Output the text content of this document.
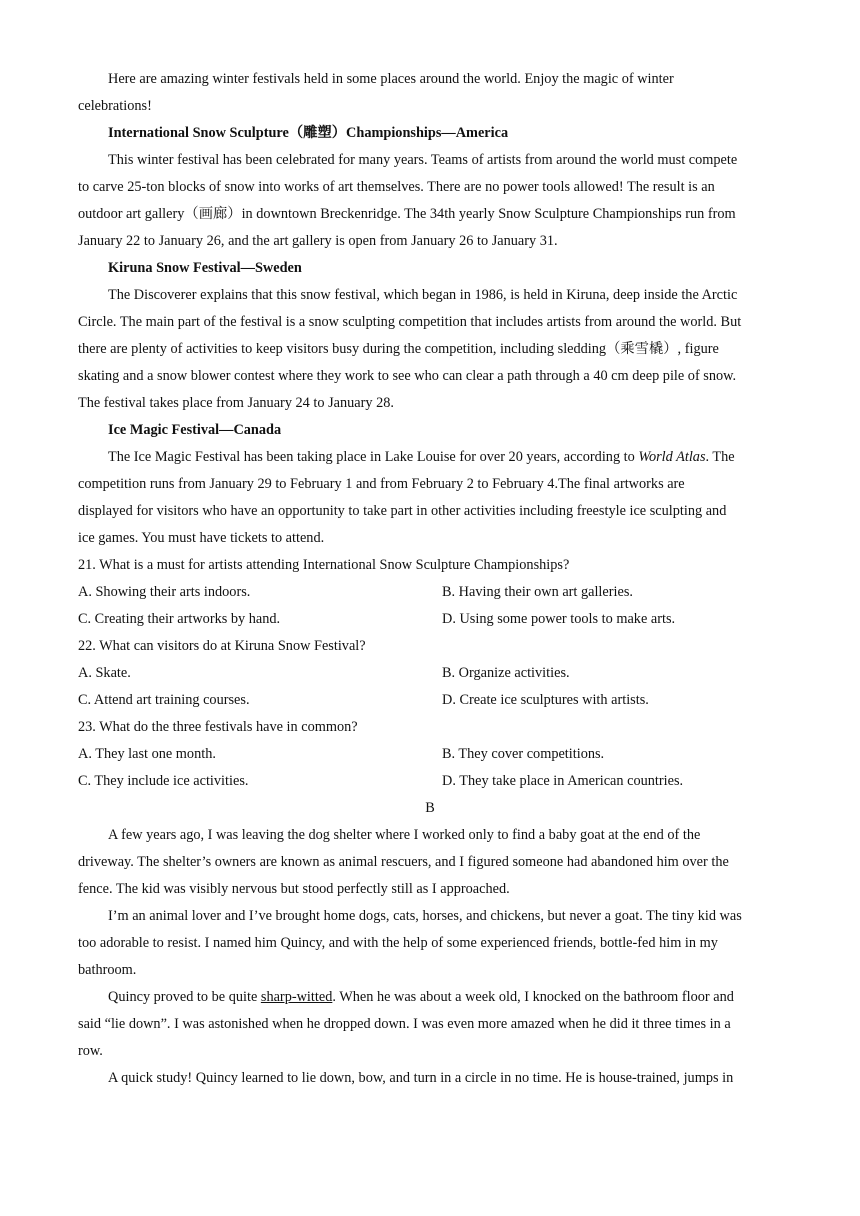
Here are amazing winter festivals held in some places around the world. Enjoy the magic of winter

celebrations!

International Snow Sculpture（雕塑）Championships—America

This winter festival has been celebrated for many years. Teams of artists from around the world must compete

to carve 25-ton blocks of snow into works of art themselves. There are no power tools allowed! The result is an

outdoor art gallery（画廊）in downtown Breckenridge. The 34th yearly Snow Sculpture Championships run from

January 22 to January 26, and the art gallery is open from January 26 to January 31.

Kiruna Snow Festival—Sweden

The Discoverer explains that this snow festival, which began in 1986, is held in Kiruna, deep inside the Arctic

Circle. The main part of the festival is a snow sculpting competition that includes artists from around the world. But

there are plenty of activities to keep visitors busy during the competition, including sledding（乘雪橇）, figure

skating and a snow blower contest where they work to see who can clear a path through a 40 cm deep pile of snow.

The festival takes place from January 24 to January 28.

Ice Magic Festival—Canada

The Ice Magic Festival has been taking place in Lake Louise for over 20 years, according to World Atlas. The

competition runs from January 29 to February 1 and from February 2 to February 4.The final artworks are

displayed for visitors who have an opportunity to take part in other activities including freestyle ice sculpting and

ice games. You must have tickets to attend.

21. What is a must for artists attending International Snow Sculpture Championships?

A. Showing their arts indoors.	B. Having their own art galleries.
C. Creating their artworks by hand.	D. Using some power tools to make arts.

22. What can visitors do at Kiruna Snow Festival?

A. Skate.	B. Organize activities.
C. Attend art training courses.	D. Create ice sculptures with artists.

23. What do the three festivals have in common?

A. They last one month.	B. They cover competitions.
C. They include ice activities.	D. They take place in American countries.
B

A few years ago, I was leaving the dog shelter where I worked only to find a baby goat at the end of the

driveway. The shelter’s owners are known as animal rescuers, and I figured someone had abandoned him over the

fence. The kid was visibly nervous but stood perfectly still as I approached.

I’m an animal lover and I’ve brought home dogs, cats, horses, and chickens, but never a goat. The tiny kid was

too adorable to resist. I named him Quincy, and with the help of some experienced friends, bottle-fed him in my

bathroom.

Quincy proved to be quite sharp-witted. When he was about a week old, I knocked on the bathroom floor and

said “lie down”. I was astonished when he dropped down. I was even more amazed when he did it three times in a

row.

A quick study! Quincy learned to lie down, bow, and turn in a circle in no time. He is house-trained, jumps in
